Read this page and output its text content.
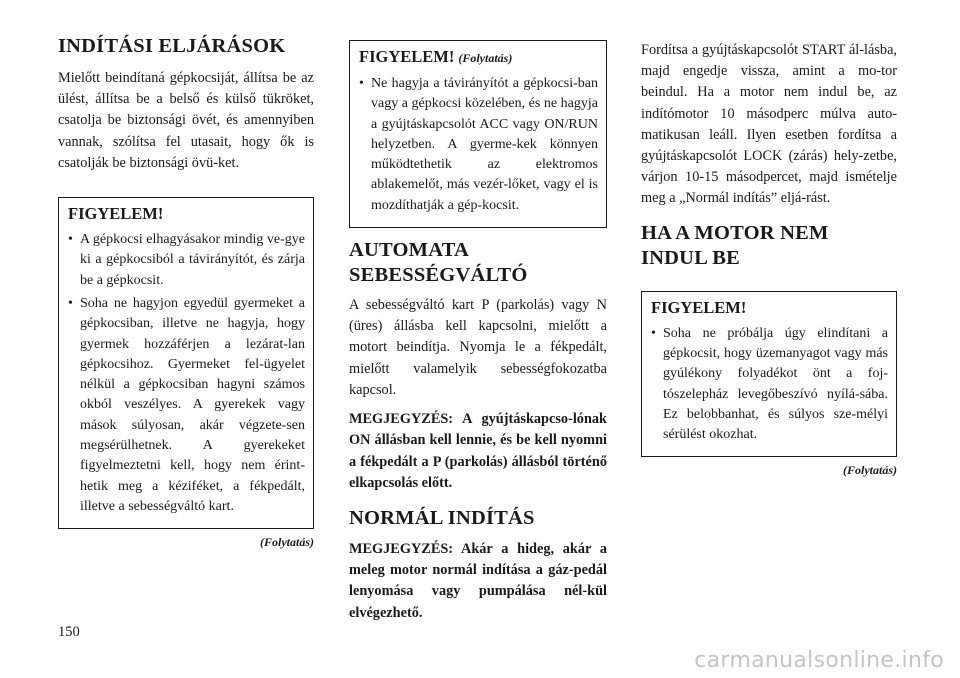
INDÍTÁSI ELJÁRÁSOK

Mielőtt beindítaná gépkocsiját, állítsa be az ülést, állítsa be a belső és külső tükröket, csatolja be biztonsági övét, és amennyiben vannak, szólítsa fel utasait, hogy ők is csatolják be biztonsági övü-ket.

FIGYELEM!
• A gépkocsi elhagyásakor mindig ve-gye ki a gépkocsiból a távirányítót, és zárja be a gépkocsit.
• Soha ne hagyjon egyedül gyermeket a gépkocsiban, illetve ne hagyja, hogy gyermek hozzáférjen a lezárat-lan gépkocsihoz. Gyermeket fel-ügyelet nélkül a gépkocsiban hagyni számos okból veszélyes. A gyerekek vagy mások súlyosan, akár végzete-sen megsérülhetnek. A gyerekeket figyelmeztetni kell, hogy nem érint-hetik meg a kéziféket, a fékpedált, illetve a sebességváltó kart.
(Folytatás)
FIGYELEM! (Folytatás)
• Ne hagyja a távirányítót a gépkocsi-ban vagy a gépkocsi közelében, és ne hagyja a gyújtáskapcsolót ACC vagy ON/RUN helyzetben. A gyerme-kek könnyen működtethetik az elektromos ablakemelőt, más vezér-lőket, vagy el is mozdíthatják a gép-kocsit.
AUTOMATA SEBESSÉGVÁLTÓ

A sebességváltó kart P (parkolás) vagy N (üres) állásba kell kapcsolni, mielőtt a motort beindítja. Nyomja le a fékpedált, mielőtt valamelyik sebességfokozatba kapcsol.

MEGJEGYZÉS: A gyújtáskapcso-lónak ON állásban kell lennie, és be kell nyomni a fékpedált a P (parkolás) állásból történő elkapcsolás előtt.

NORMÁL INDÍTÁS

MEGJEGYZÉS: Akár a hideg, akár a meleg motor normál indítása a gáz-pedál lenyomása vagy pumpálása nél-kül elvégezhető.

Fordítsa a gyújtáskapcsolót START ál-lásba, majd engedje vissza, amint a mo-tor beindul. Ha a motor nem indul be, az indítómotor 10 másodperc múlva auto-matikusan leáll. Ilyen esetben fordítsa a gyújtáskapcsolót LOCK (zárás) hely-zetbe, várjon 10-15 másodpercet, majd ismételje meg a „Normál indítás” eljá-rást.

HA A MOTOR NEM INDUL BE
FIGYELEM!
• Soha ne próbálja úgy elindítani a gépkocsit, hogy üzemanyagot vagy más gyúlékony folyadékot önt a foj-tószelepház levegőbeszívó nyílá-sába. Ez belobbanhat, és súlyos sze-mélyi sérülést okozhat.
(Folytatás)
150
carmanualsonline.info
